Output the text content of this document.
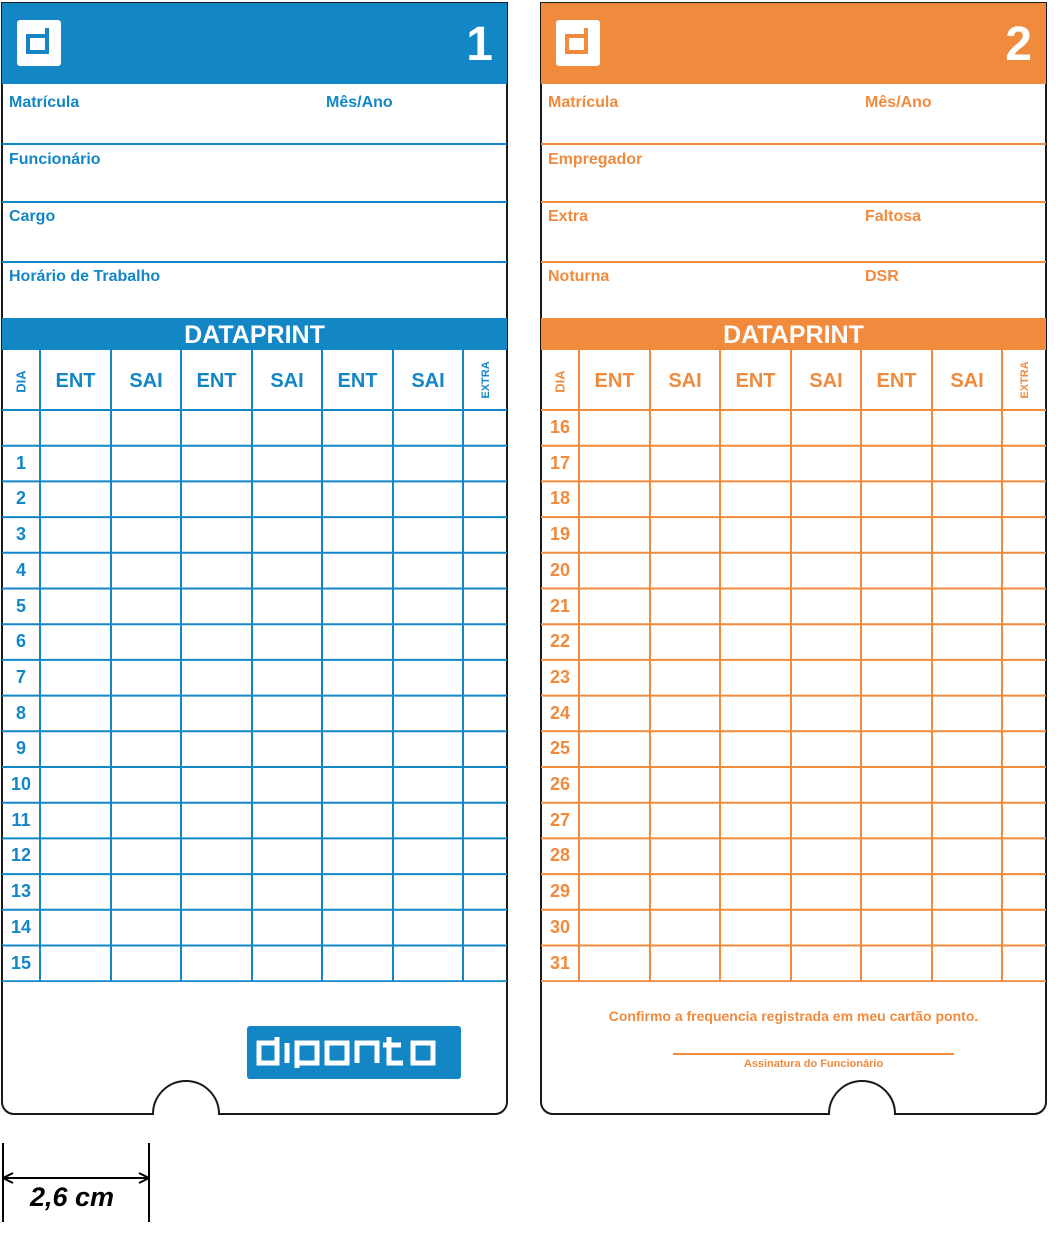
1
Matrícula
Funcionário
Cargo
Horário de Trabalho
Mês/Ano
DATAPRINT
DIA	ENT	SAI	ENT	SAI	ENT	SAI	EXTRA
1
2
3
4
5
6
7
8
9
10
11
12
13
14
15
2
Matrícula
Empregador
Extra
Noturna
Mês/Ano
Faltosa
DSR
DATAPRINT
Confirmo a frequencia registrada em meu cartão ponto.
DIA	ENT	SAI	ENT	SAI	ENT	SAI	EXTRA
16
17
18
19
20
21
22
23
24
25
26
27
28
29
30
31
Assinatura do Funcionário
2,6 cm
